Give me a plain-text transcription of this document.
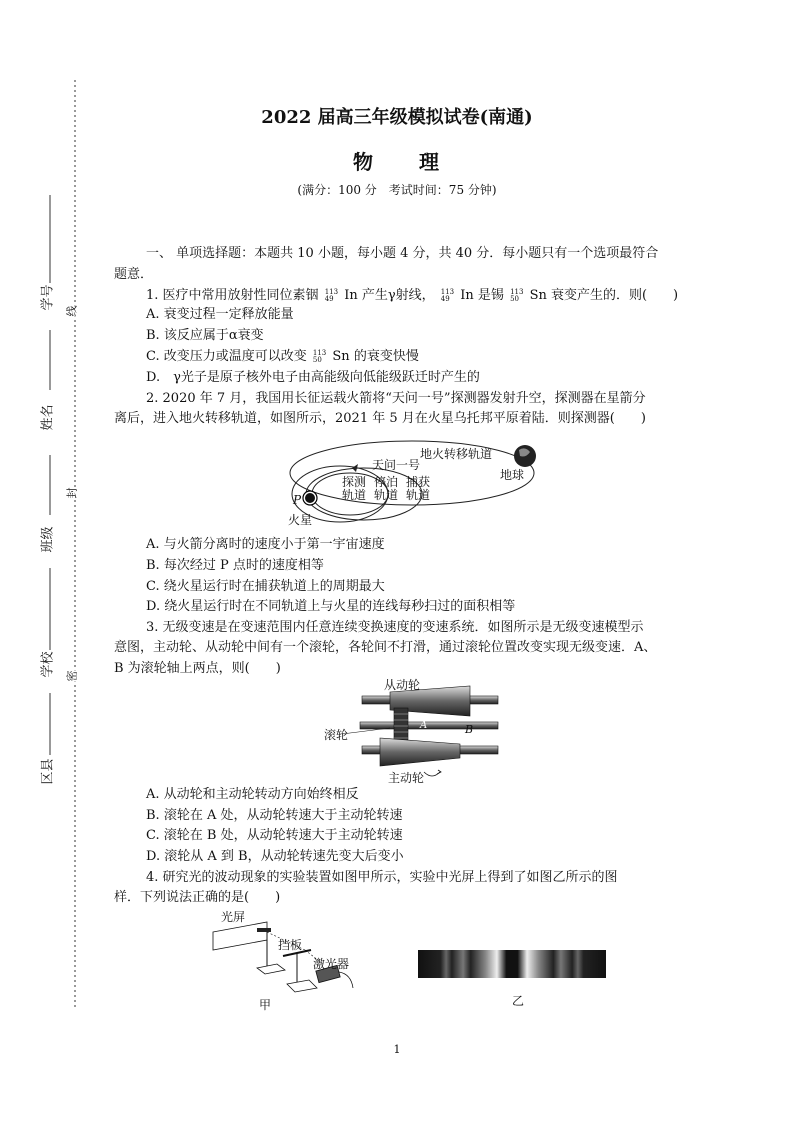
学号
姓名
班级
学校
区县
线
封
密
2022 届高三年级模拟试卷(南通)
物　　理
(满分：100 分　考试时间：75 分钟)
一、 单项选择题：本题共 10 小题，每小题 4 分，共 40 分．每小题只有一个选项最符合
题意．
1. 医疗中常用放射性同位素铟 113
49 In 产生γ射线， 113
49 In 是锡 113
50 Sn 衰变产生的．则(　　)
A. 衰变过程一定释放能量
B. 该反应属于α衰变
C. 改变压力或温度可以改变 113
50 Sn 的衰变快慢
D.　γ光子是原子核外电子由高能级向低能级跃迁时产生的
2. 2020 年 7 月，我国用长征运载火箭将“天问一号”探测器发射升空，探测器在星箭分
离后，进入地火转移轨道，如图所示，2021 年 5 月在火星乌托邦平原着陆．则探测器(　　)
天问一号
地火转移轨道
地球
探测
轨道
停泊
轨道
捕获
轨道
P
火星
A. 与火箭分离时的速度小于第一宇宙速度
B. 每次经过 P 点时的速度相等
C. 绕火星运行时在捕获轨道上的周期最大
D. 绕火星运行时在不同轨道上与火星的连线每秒扫过的面积相等
3. 无级变速是在变速范围内任意连续变换速度的变速系统．如图所示是无级变速模型示
意图，主动轮、从动轮中间有一个滚轮，各轮间不打滑，通过滚轮位置改变实现无级变速．A、
B 为滚轮轴上两点，则(　　)
从动轮
滚轮
A	B
主动轮
A. 从动轮和主动轮转动方向始终相反
B. 滚轮在 A 处，从动轮转速大于主动轮转速
C. 滚轮在 B 处，从动轮转速大于主动轮转速
D. 滚轮从 A 到 B，从动轮转速先变大后变小
4. 研究光的波动现象的实验装置如图甲所示，实验中光屏上得到了如图乙所示的图
样．下列说法正确的是(　　)
光屏
挡板
激光器
甲	乙
1
